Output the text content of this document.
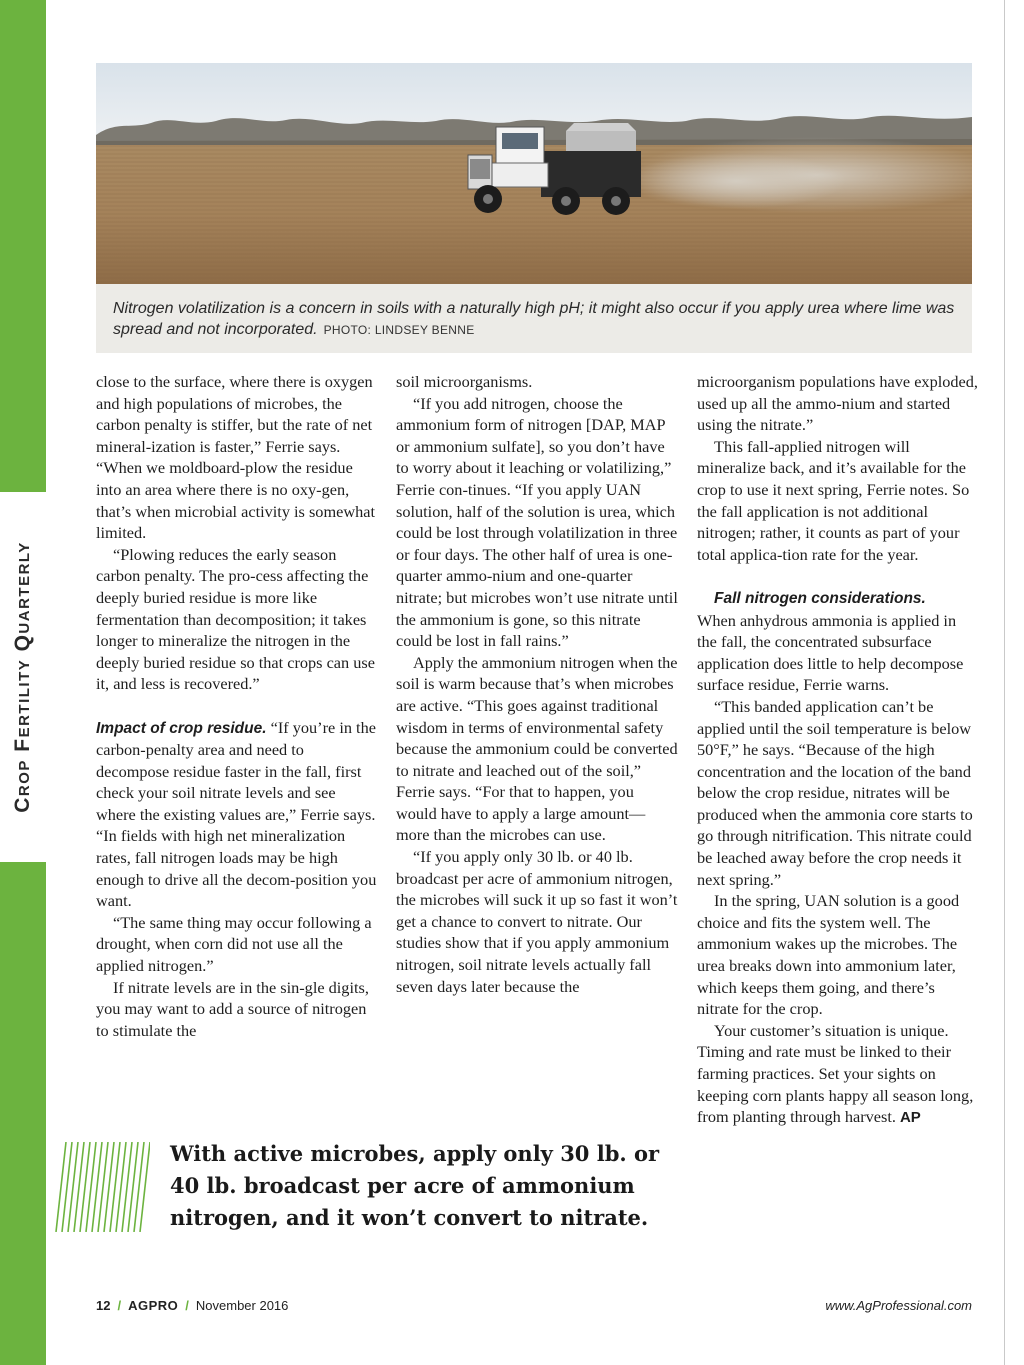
Crop Fertility Quarterly

Nitrogen volatilization is a concern in soils with a naturally high pH; it might also occur if you apply urea where lime was spread and not incorporated. PHOTO: LINDSEY BENNE

close to the surface, where there is oxygen and high populations of microbes, the carbon penalty is stiffer, but the rate of net mineral-ization is faster,” Ferrie says. “When we moldboard-plow the residue into an area where there is no oxy-gen, that’s when microbial activity is somewhat limited.

“Plowing reduces the early season carbon penalty. The pro-cess affecting the deeply buried residue is more like fermentation than decomposition; it takes longer to mineralize the nitrogen in the deeply buried residue so that crops can use it, and less is recovered.”

Impact of crop residue. “If you’re in the carbon-penalty area and need to decompose residue faster in the fall, first check your soil nitrate levels and see where the existing values are,” Ferrie says. “In fields with high net mineralization rates, fall nitrogen loads may be high enough to drive all the decom-position you want.

“The same thing may occur following a drought, when corn did not use all the applied nitrogen.”

If nitrate levels are in the sin-gle digits, you may want to add a source of nitrogen to stimulate the

soil microorganisms.

“If you add nitrogen, choose the ammonium form of nitrogen [DAP, MAP or ammonium sulfate], so you don’t have to worry about it leaching or volatilizing,” Ferrie con-tinues. “If you apply UAN solution, half of the solution is urea, which could be lost through volatilization in three or four days. The other half of urea is one-quarter ammo-nium and one-quarter nitrate; but microbes won’t use nitrate until the ammonium is gone, so this nitrate could be lost in fall rains.”

Apply the ammonium nitrogen when the soil is warm because that’s when microbes are active. “This goes against traditional wisdom in terms of environmental safety because the ammonium could be converted to nitrate and leached out of the soil,” Ferrie says. “For that to happen, you would have to apply a large amount—more than the microbes can use.

“If you apply only 30 lb. or 40 lb. broadcast per acre of ammonium nitrogen, the microbes will suck it up so fast it won’t get a chance to convert to nitrate. Our studies show that if you apply ammonium nitrogen, soil nitrate levels actually fall seven days later because the

microorganism populations have exploded, used up all the ammo-nium and started using the nitrate.”

This fall-applied nitrogen will mineralize back, and it’s available for the crop to use it next spring, Ferrie notes. So the fall application is not additional nitrogen; rather, it counts as part of your total applica-tion rate for the year.

Fall nitrogen considerations.

When anhydrous ammonia is applied in the fall, the concentrated subsurface application does little to help decompose surface residue, Ferrie warns.

“This banded application can’t be applied until the soil temperature is below 50°F,” he says. “Because of the high concentration and the location of the band below the crop residue, nitrates will be produced when the ammonia core starts to go through nitrification. This nitrate could be leached away before the crop needs it next spring.”

In the spring, UAN solution is a good choice and fits the system well. The ammonium wakes up the microbes. The urea breaks down into ammonium later, which keeps them going, and there’s nitrate for the crop.

Your customer’s situation is unique. Timing and rate must be linked to their farming practices. Set your sights on keeping corn plants happy all season long, from planting through harvest. AP

With active microbes, apply only 30 lb. or 40 lb. broadcast per acre of ammonium nitrogen, and it won’t convert to nitrate.

12 / AGPRO / November 2016	www.AgProfessional.com
